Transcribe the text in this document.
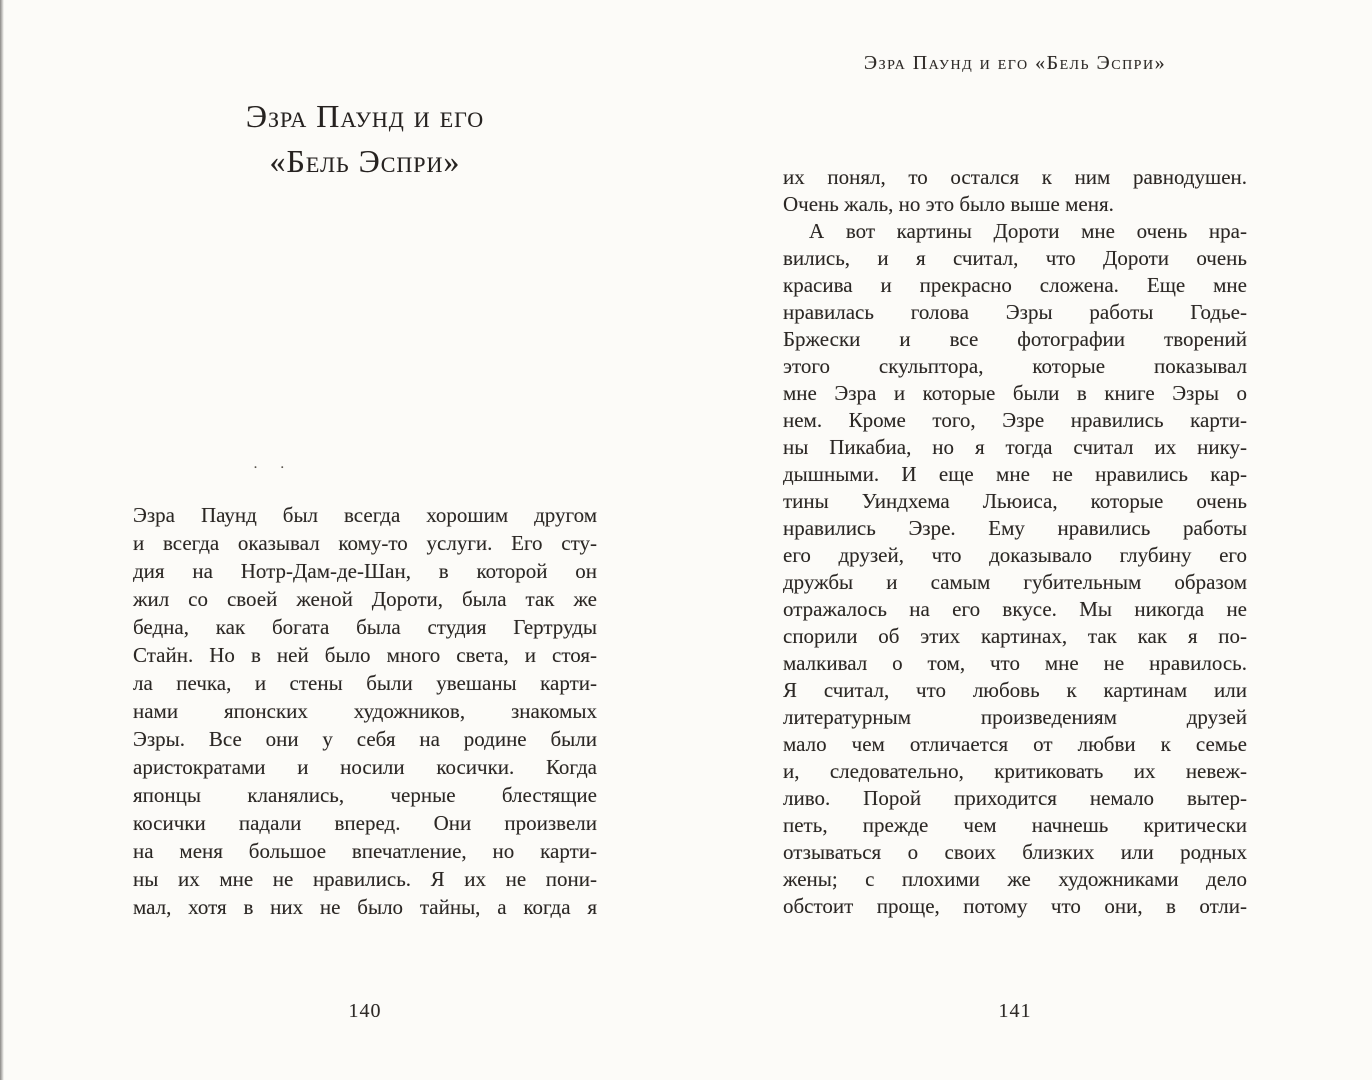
Эзра Паунд и его
«Бель Эспри»
· ·
Эзра Паунд был всегда хорошим другом
и всегда оказывал кому-то услуги. Его сту-
дия на Нотр-Дам-де-Шан, в которой он
жил со своей женой Дороти, была так же
бедна, как богата была студия Гертруды
Стайн. Но в ней было много света, и стоя-
ла печка, и стены были увешаны карти-
нами японских художников, знакомых
Эзры. Все они у себя на родине были
аристократами и носили косички. Когда
японцы кланялись, черные блестящие
косички падали вперед. Они произвели
на меня большое впечатление, но карти-
ны их мне не нравились. Я их не пони-
мал, хотя в них не было тайны, а когда я
140
Эзра Паунд и его «Бель Эспри»
их понял, то остался к ним равнодушен.
Очень жаль, но это было выше меня.
А вот картины Дороти мне очень нра-
вились, и я считал, что Дороти очень
красива и прекрасно сложена. Еще мне
нравилась голова Эзры работы Годье-
Бржески и все фотографии творений
этого скульптора, которые показывал
мне Эзра и которые были в книге Эзры о
нем. Кроме того, Эзре нравились карти-
ны Пикабиа, но я тогда считал их нику-
дышными. И еще мне не нравились кар-
тины Уиндхема Льюиса, которые очень
нравились Эзре. Ему нравились работы
его друзей, что доказывало глубину его
дружбы и самым губительным образом
отражалось на его вкусе. Мы никогда не
спорили об этих картинах, так как я по-
малкивал о том, что мне не нравилось.
Я считал, что любовь к картинам или
литературным произведениям друзей
мало чем отличается от любви к семье
и, следовательно, критиковать их невеж-
ливо. Порой приходится немало вытер-
петь, прежде чем начнешь критически
отзываться о своих близких или родных
жены; с плохими же художниками дело
обстоит проще, потому что они, в отли-
141
